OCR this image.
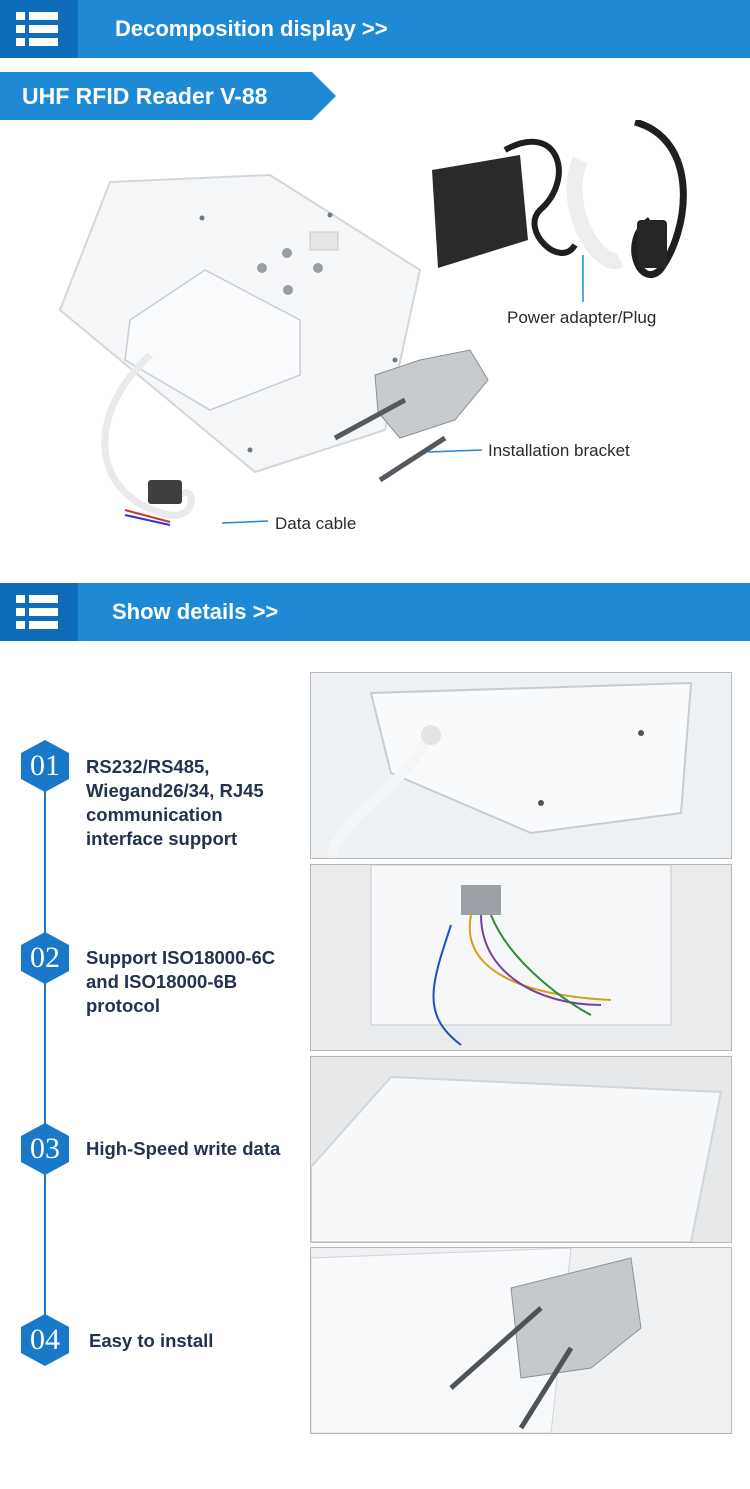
Decomposition display >>
UHF RFID Reader V-88
Power adapter/Plug
Installation bracket
Data cable
Show details >>
01	RS232/RS485,
Wiegand26/34, RJ45
communication
interface support
02	Support ISO18000-6C
and ISO18000-6B
protocol
03	High-Speed write data
04	Easy to install
